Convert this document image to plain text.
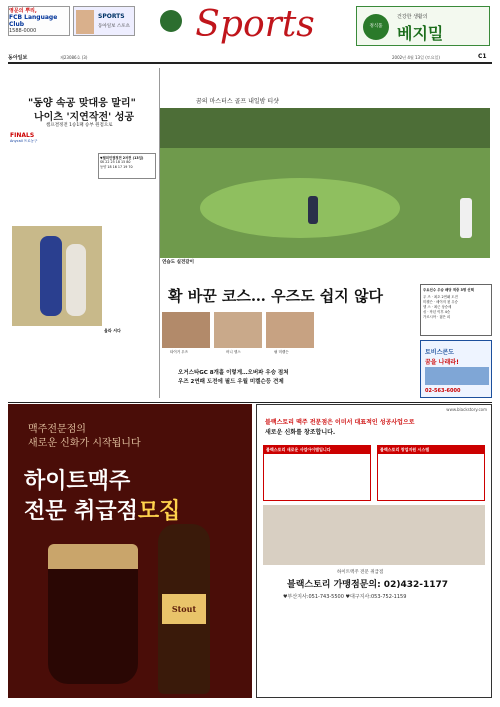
영문의 뿌리,
FCB Language Club
1588-0000
SPORTS
동아일보 스포츠 Sports	정식품
건강한 생활의
베지밀
동아일보	제23086호 (3)	2002년 4월 13일 (토요일)	C1
"동양 속공 맞대응 말리"
나이츠 '지연작전' 성공
챔프결정전 1승1패 승부 원점으로
FINALS
Anycall 프로농구
▼챔피언결정전 2차전 (13일)
SK 22 25 18 15 80
동양 18 16 17 19 70

올라 서다

꿈의 마스터스 골프 내일밤 티샷
연습도 실전같이

확 바꾼 코스… 우즈도 쉽지 않다
타이거 우즈	어니 엘스	필 미켈슨

오거스타GC 8개홀 이렇게…오버파 우승 점쳐
우즈 2연패 도전에 필드 우월 미켈슨등 견제

주요선수 우승 배당 적중 3명 선택
우 즈 · 최초 2연패 도전
미켈슨 · 메이저 첫 우승
엘 스 · 최근 상승세
싱 · 작년 이후 4승
가르시아 · 젊은 피
토비스콘도
꿈을 나래라!
02-563-6000
맥주전문점의
새로운 신화가 시작됩니다
하이트맥주
전문 취급점모집
Stout
www.blackstory.com
블랙스토리 맥주 전문점은 이미서 대표적인 성공사업으로
새로운 신화를 창조합니다.
블랙스토리 새로운 사업아이템입니다	블랙스토리 창업지원 시스템
하이트맥주 전문 취급점
블랙스토리 가맹점문의: 02)432-1177
♥부산지사:051-743-5500 ♥대구지사:053-752-1159
